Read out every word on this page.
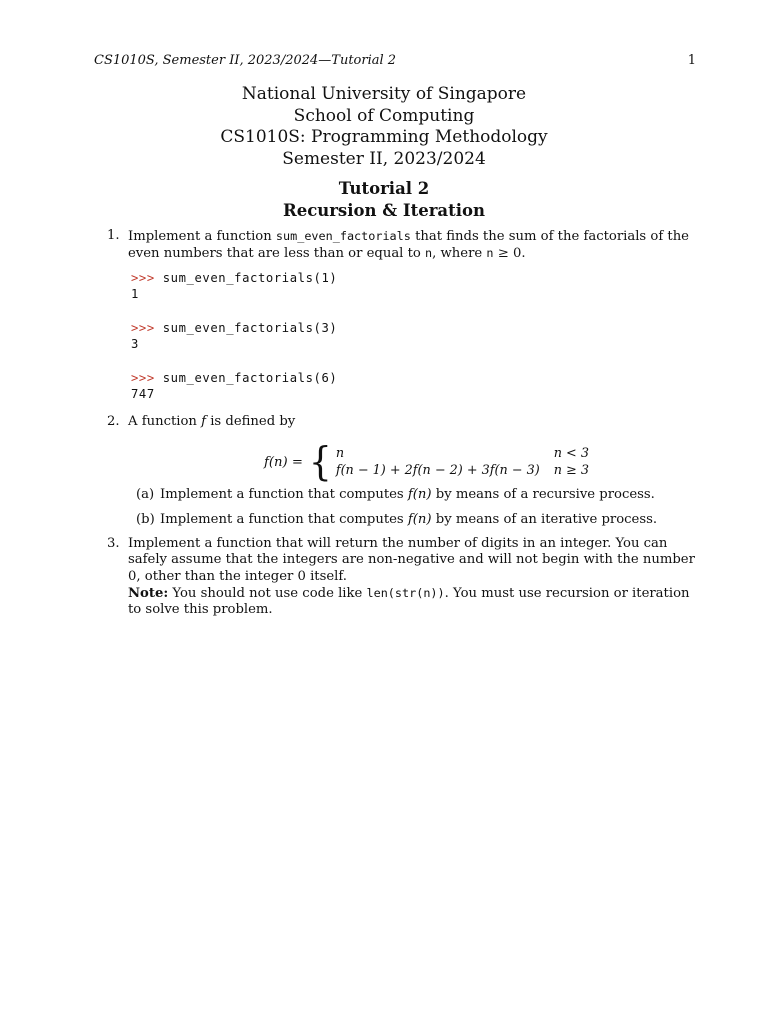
CS1010S, Semester II, 2023/2024—Tutorial 2	1
National University of Singapore
School of Computing
CS1010S: Programming Methodology
Semester II, 2023/2024
Tutorial 2
Recursion & Iteration
1. Implement a function sum_even_factorials that finds the sum of the factorials of the even numbers that are less than or equal to n, where n ≥ 0.
>>> sum_even_factorials(1)
1
>>> sum_even_factorials(3)
3
>>> sum_even_factorials(6)
747
2. A function f is defined by
f(n) = { n	n < 3
f(n − 1) + 2f(n − 2) + 3f(n − 3) n ≥ 3
(a) Implement a function that computes f(n) by means of a recursive process.
(b) Implement a function that computes f(n) by means of an iterative process.
3. Implement a function that will return the number of digits in an integer. You can safely assume that the integers are non-negative and will not begin with the number 0, other than the integer 0 itself.
Note: You should not use code like len(str(n)). You must use recursion or iteration to solve this problem.
